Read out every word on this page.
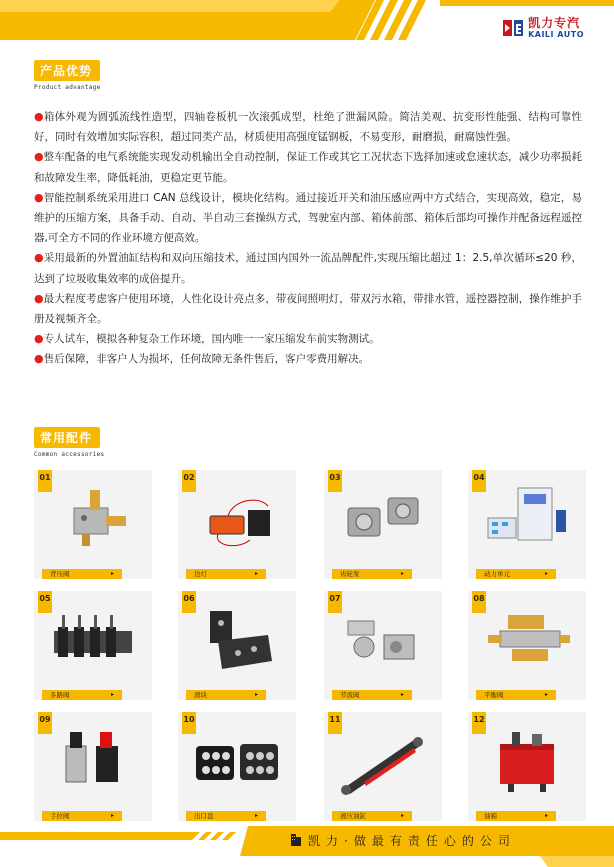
凯力专汽
KAILI AUTO
产品优势
Product advantage

●箱体外观为圆弧流线性造型，四轴卷板机一次滚弧成型，杜绝了泄漏风险。简洁美观、抗变形性能强、结构可靠性好，同时有效增加实际容积，超过同类产品，材质使用高强度锰钢板，不易变形，耐磨损，耐腐蚀性强。

●整车配备的电气系统能实现发动机输出全自动控制，保证工作或其它工况状态下选择加速或怠速状态，减少功率损耗和故障发生率，降低耗油，更稳定更节能。

●智能控制系统采用进口 CAN 总线设计，模块化结构。通过接近开关和油压感应两中方式结合，实现高效，稳定，易维护的压缩方案，具备手动、自动、半自动三套操纵方式，驾驶室内部、箱体前部、箱体后部均可操作并配备远程遥控器,可全方不同的作业环境方便高效。

●采用最新的外置油缸结构和双向压缩技术，通过国内国外一流品牌配件,实现压缩比超过 1：2.5,单次循环≤20 秒，达到了垃圾收集效率的成倍提升。

●最大程度考虑客户使用环境，人性化设计亮点多，带夜间照明灯，带双污水箱，带排水管，遥控器控制，操作维护手册及视频齐全。

●专人试车，模拟各种复杂工作环境，国内唯一一家压缩发车前实物测试。

●售后保障，非客户人为损坏，任何故障无条件售后，客户零费用解决。

常用配件
Common accessories
01
背压阀	▸
02
边灯	▸
03
齿轮泵	▸
04
动力单元	▸
05
多路阀	▸
06
滑块	▸
07
节流阀	▸
08
平衡阀	▸
09
手拉阀	▸
10
出口盘	▸
11
液压油缸	▸
12
油箱	▸
凯力·做最有责任心的公司
